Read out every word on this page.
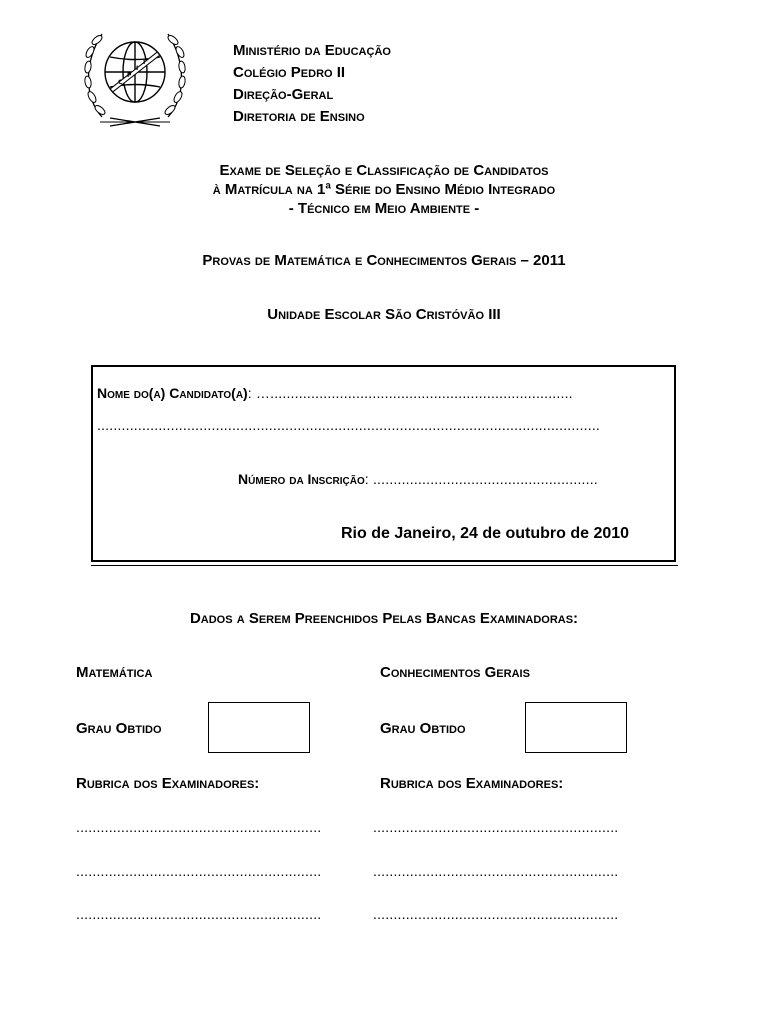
C
P
I
I
Ministério da Educação
Colégio Pedro II
Direção-Geral
Diretoria de Ensino
Exame de Seleção e Classificação de Candidatos
à Matrícula na 1ª Série do Ensino Médio Integrado
- Técnico em Meio Ambiente -
Provas de Matemática e Conhecimentos Gerais – 2011
Unidade Escolar São Cristóvão III
Nome do(a) Candidato(a): …..........................................................................
...........................................................................................................................
Número da Inscrição: .......................................................
Rio de Janeiro, 24 de outubro de 2010
Dados a Serem Preenchidos Pelas Bancas Examinadoras:
Matemática
Grau Obtido
Rubrica dos Examinadores:
............................................................
............................................................
............................................................
Conhecimentos Gerais
Grau Obtido
Rubrica dos Examinadores:
............................................................
............................................................
............................................................
